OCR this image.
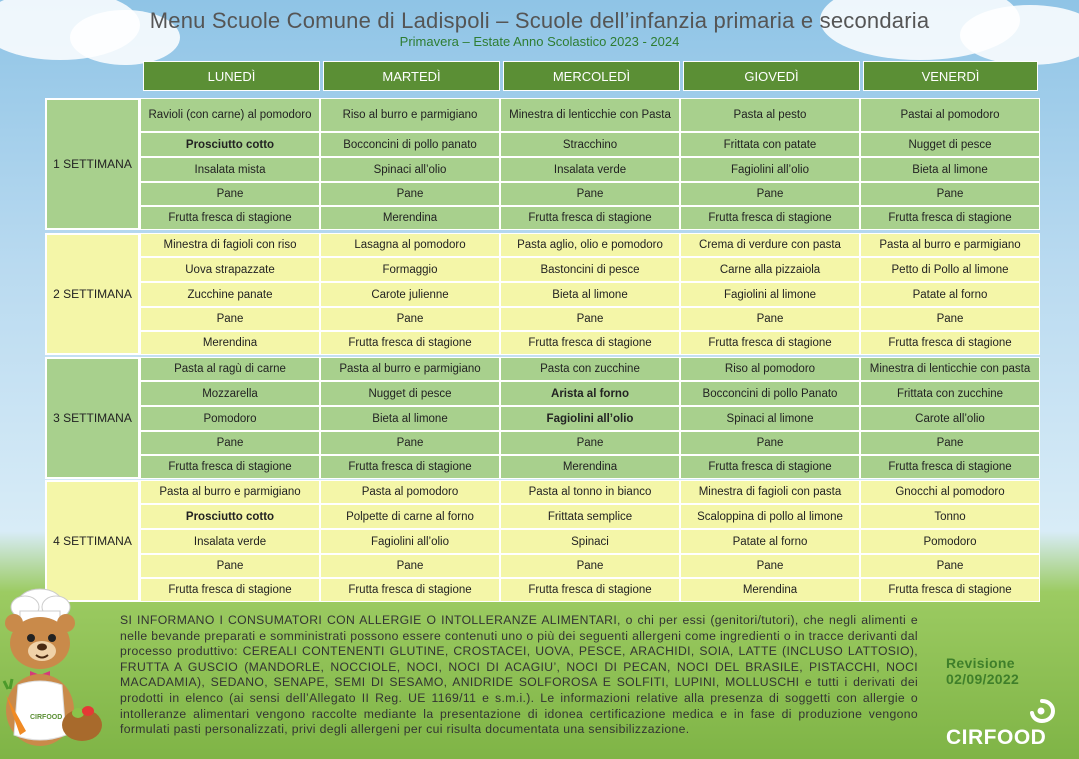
Menu Scuole Comune di Ladispoli – Scuole dell’infanzia primaria e secondaria
Primavera – Estate Anno Scolastico 2023 - 2024
LUNEDÌ	MARTEDÌ	MERCOLEDÌ	GIOVEDÌ	VENERDÌ
1 SETTIMANA
Ravioli (con carne) al pomodoro	Riso al burro e parmigiano	Minestra di lenticchie con Pasta	Pasta al pesto	Pastai al pomodoro
Prosciutto cotto	Bocconcini di pollo panato	Stracchino	Frittata con patate	Nugget di pesce
Insalata mista	Spinaci all’olio	Insalata verde	Fagiolini all’olio	Bieta al limone
Pane	Pane	Pane	Pane	Pane
Frutta fresca di stagione	Merendina	Frutta fresca di stagione	Frutta fresca di stagione	Frutta fresca di stagione
2 SETTIMANA
Minestra di fagioli con riso	Lasagna al pomodoro	Pasta aglio, olio e pomodoro	Crema di verdure con pasta	Pasta al burro e parmigiano
Uova strapazzate	Formaggio	Bastoncini di pesce	Carne alla pizzaiola	Petto di Pollo al limone
Zucchine panate	Carote julienne	Bieta al limone	Fagiolini al limone	Patate al forno
Pane	Pane	Pane	Pane	Pane
Merendina	Frutta fresca di stagione	Frutta fresca di stagione	Frutta fresca di stagione	Frutta fresca di stagione
3 SETTIMANA
Pasta al ragù di carne	Pasta al burro e parmigiano	Pasta con zucchine	Riso al pomodoro	Minestra di lenticchie con pasta
Mozzarella	Nugget di pesce	Arista al forno	Bocconcini di pollo Panato	Frittata con zucchine
Pomodoro	Bieta al limone	Fagiolini all’olio	Spinaci al limone	Carote all’olio
Pane	Pane	Pane	Pane	Pane
Frutta fresca di stagione	Frutta fresca di stagione	Merendina	Frutta fresca di stagione	Frutta fresca di stagione
4 SETTIMANA
Pasta al burro e parmigiano	Pasta al pomodoro	Pasta al tonno in bianco	Minestra di fagioli con pasta	Gnocchi al pomodoro
Prosciutto cotto	Polpette di carne al forno	Frittata semplice	Scaloppina di pollo al limone	Tonno
Insalata verde	Fagiolini all’olio	Spinaci	Patate al forno	Pomodoro
Pane	Pane	Pane	Pane	Pane
Frutta fresca di stagione	Frutta fresca di stagione	Frutta fresca di stagione	Merendina	Frutta fresca di stagione
SI INFORMANO I CONSUMATORI CON ALLERGIE O INTOLLERANZE ALIMENTARI, o chi per essi (genitori/tutori), che negli alimenti e nelle bevande preparati e somministrati possono essere contenuti uno o più dei seguenti allergeni come ingredienti o in tracce derivanti dal processo produttivo: CEREALI CONTENENTI GLUTINE, CROSTACEI, UOVA, PESCE, ARACHIDI, SOIA, LATTE (INCLUSO LATTOSIO), FRUTTA A GUSCIO (MANDORLE, NOCCIOLE, NOCI, NOCI DI ACAGIU’, NOCI DI PECAN, NOCI DEL BRASILE, PISTACCHI, NOCI MACADAMIA), SEDANO, SENAPE, SEMI DI SESAMO, ANIDRIDE SOLFOROSA E SOLFITI, LUPINI, MOLLUSCHI e tutti i derivati dei prodotti in elenco (ai sensi dell’Allegato II Reg. UE 1169/11 e s.m.i.). Le informazioni relative alla presenza di soggetti con allergie o intolleranze alimentari vengono raccolte mediante la presentazione di idonea certificazione medica e in fase di produzione vengono formulati pasti personalizzati, privi degli allergeni per cui risulta documentata una sensibilizzazione.
Revisione 02/09/2022
CIRFOOD
CIRFOOD
